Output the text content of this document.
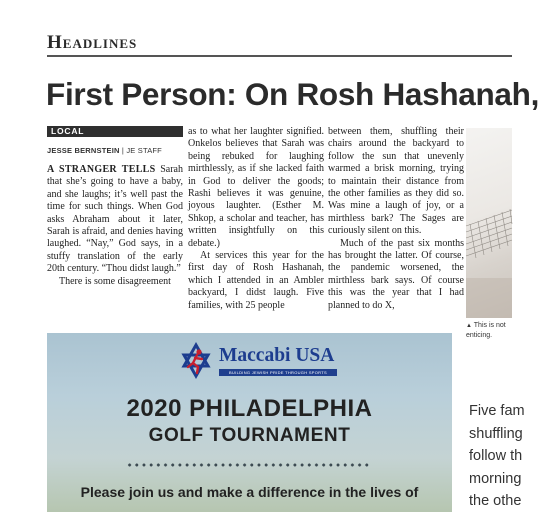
Headlines
First Person: On Rosh Hashanah,
LOCAL
JESSE BERNSTEIN | JE STAFF

A STRANGER TELLS Sarah that she’s going to have a baby, and she laughs; it’s well past the time for such things. When God asks Abraham about it later, Sarah is afraid, and denies having laughed. “Nay,” God says, in a stuffy translation of the early 20th century. “Thou didst laugh.”

There is some disagreement

as to what her laughter signified. Onkelos believes that Sarah was being rebuked for laughing mirthlessly, as if she lacked faith in God to deliver the goods; Rashi believes it was genuine, joyous laughter. (Esther M. Shkop, a scholar and teacher, has written insightfully on this debate.)

At services this year for the first day of Rosh Hashanah, which I attended in an Ambler backyard, I didst laugh. Five families, with 25 people

between them, shuffling their chairs around the backyard to follow the sun that unevenly warmed a brisk morning, trying to maintain their distance from the other families as they did so. Was mine a laugh of joy, or a mirthless bark? The Sages are curiously silent on this.

Much of the past six months has brought the latter. Of course, the pandemic worsened, the mirthless bark says. Of course this was the year that I had planned to do X,

▲ This is not
enticing.
Maccabi USA
BUILDING JEWISH PRIDE THROUGH SPORTS
2020 PHILADELPHIA
GOLF TOURNAMENT
Please join us and make a difference in the lives of
Five fam
shuffling
follow th
morning
the othe
